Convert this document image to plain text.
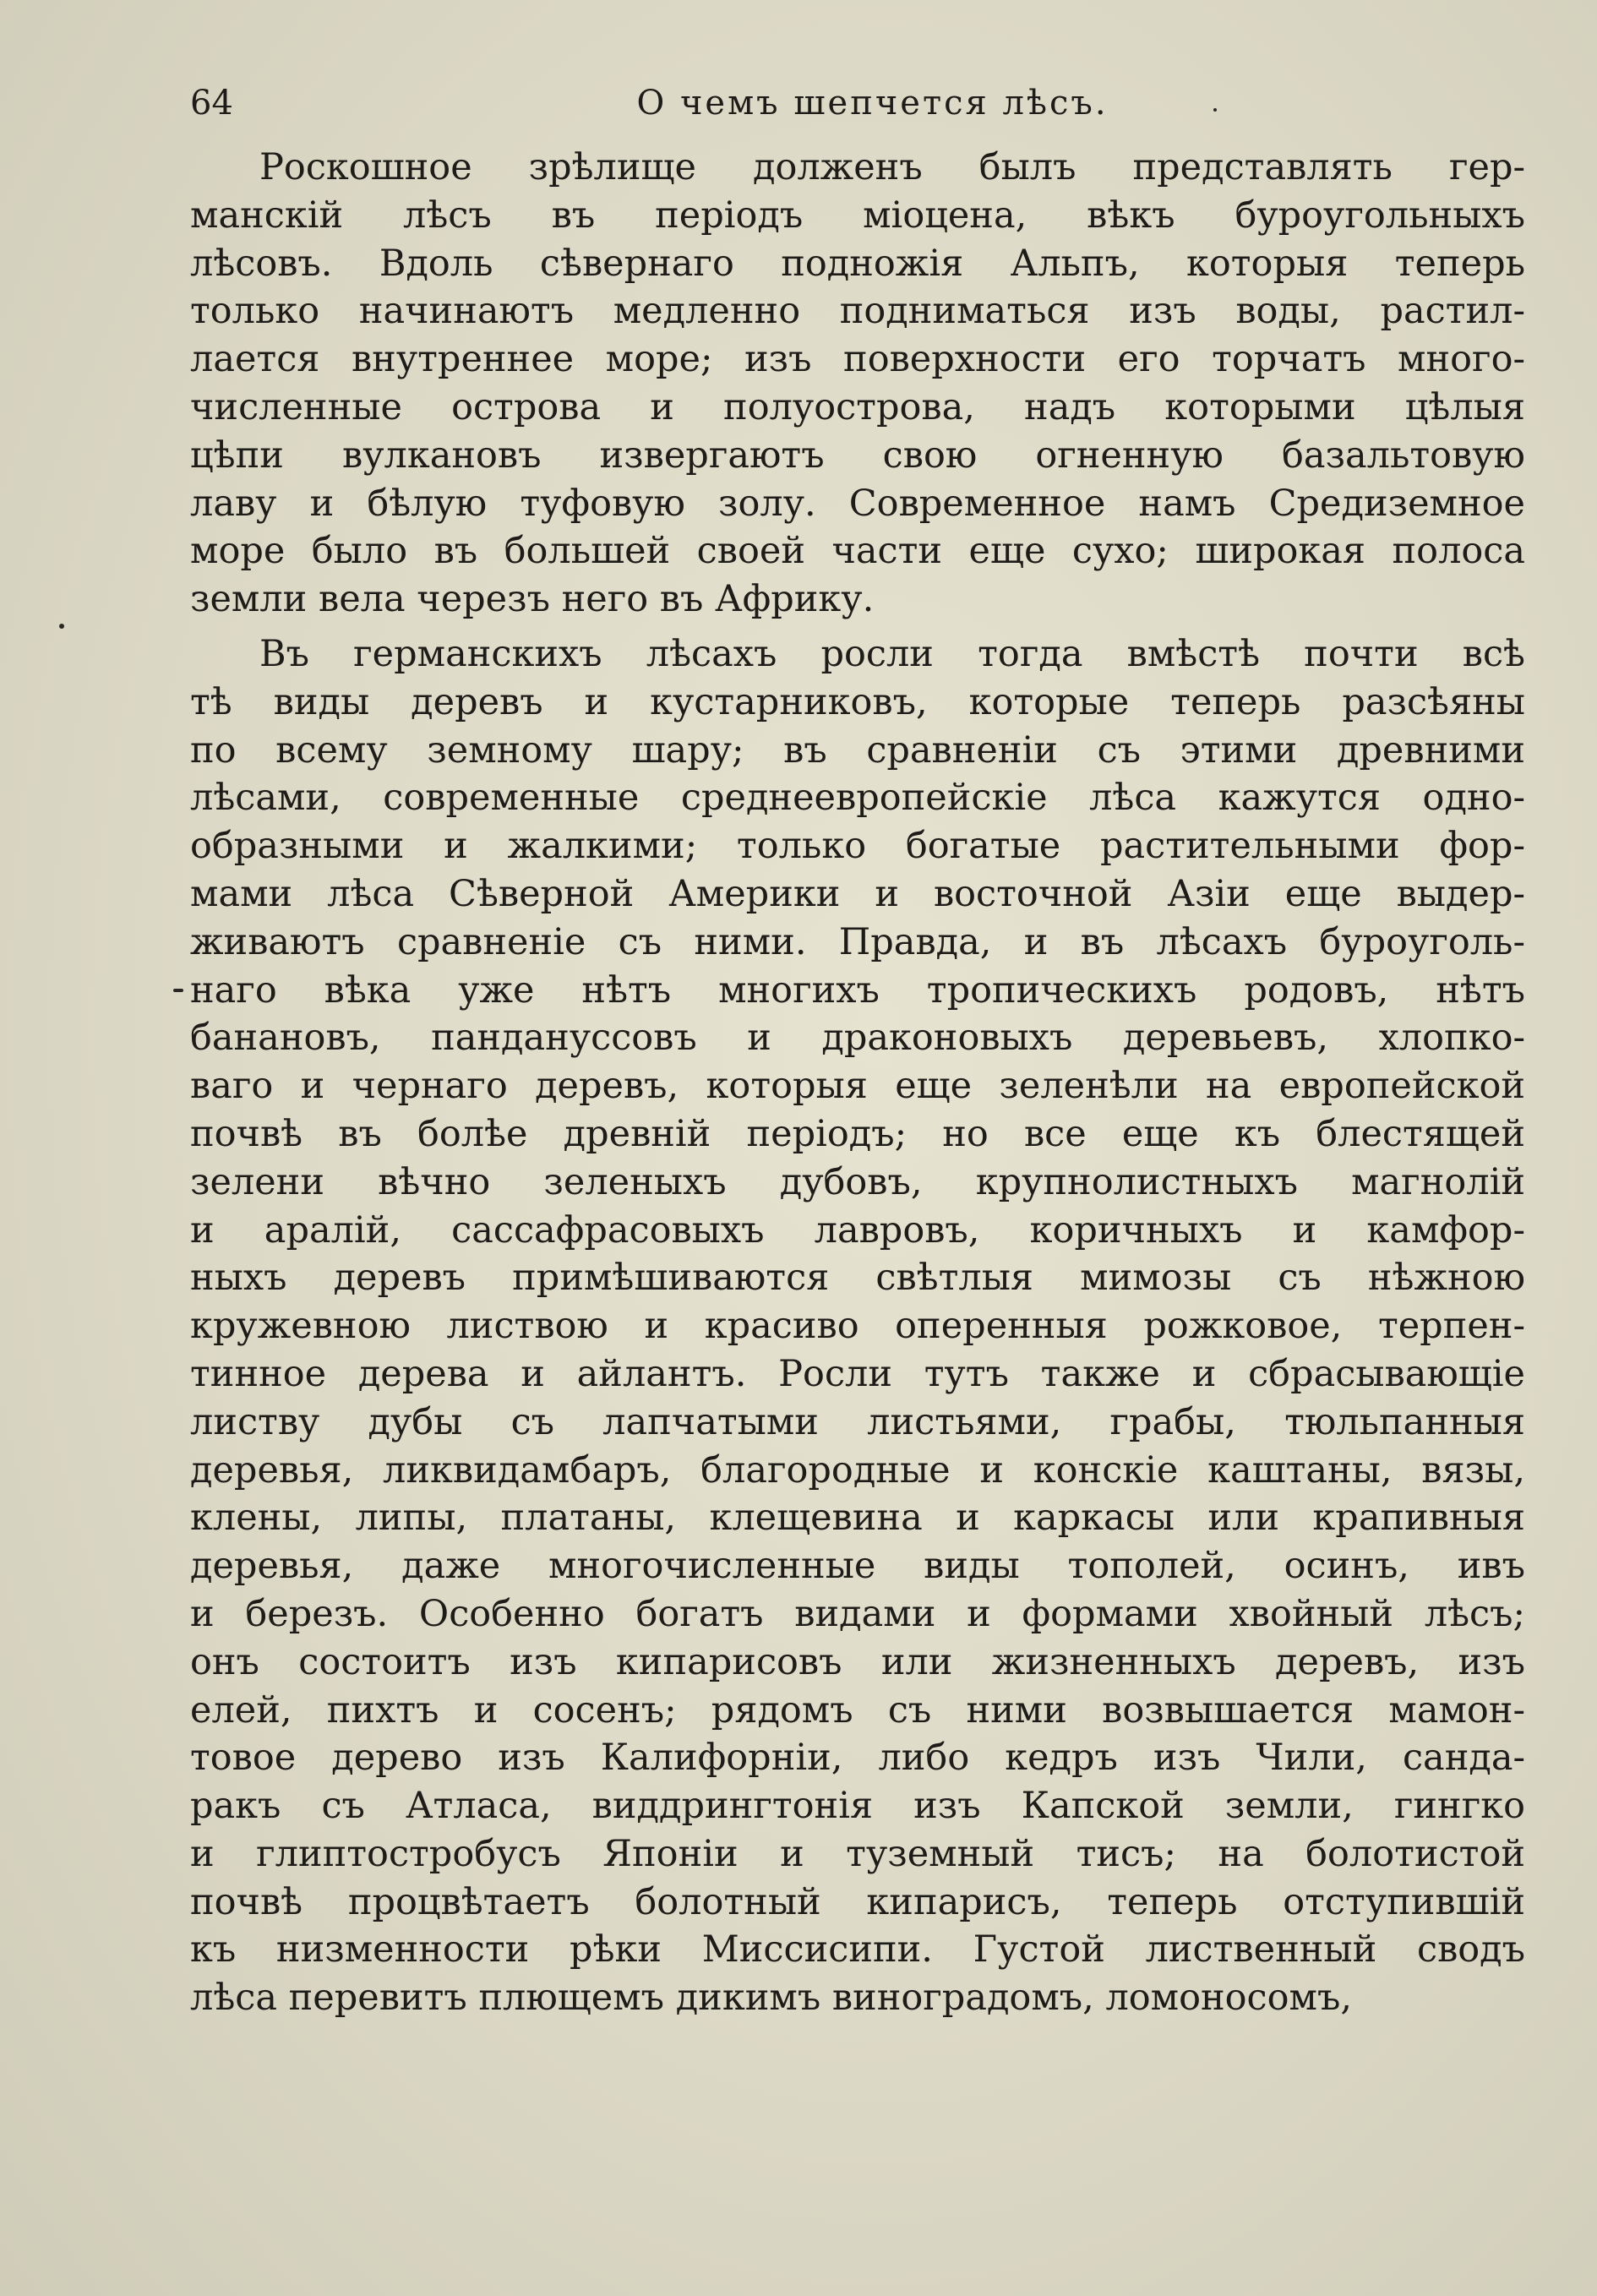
64	О чемъ шепчется лѣсъ.
Роскошное зрѣлище долженъ былъ представлять гер-
манскій лѣсъ въ періодъ міоцена, вѣкъ буроугольныхъ
лѣсовъ. Вдоль сѣвернаго подножія Альпъ, которыя теперь
только начинаютъ медленно подниматься изъ воды, растил-
лается внутреннее море; изъ поверхности его торчатъ много-
численные острова и полуострова, надъ которыми цѣлыя
цѣпи вулкановъ извергаютъ свою огненную базальтовую
лаву и бѣлую туфовую золу. Современное намъ Средиземное
море было въ большей своей части еще сухо; широкая полоса
земли вела черезъ него въ Африку.
Въ германскихъ лѣсахъ росли тогда вмѣстѣ почти всѣ
тѣ виды деревъ и кустарниковъ, которые теперь разсѣяны
по всему земному шару; въ сравненіи съ этими древними
лѣсами, современные среднеевропейскіе лѣса кажутся одно-
образными и жалкими; только богатые растительными фор-
мами лѣса Сѣверной Америки и восточной Азіи еще выдер-
живаютъ сравненіе съ ними. Правда, и въ лѣсахъ буроуголь-
наго вѣка уже нѣтъ многихъ тропическихъ родовъ, нѣтъ
банановъ, пандануссовъ и драконовыхъ деревьевъ, хлопко-
ваго и чернаго деревъ, которыя еще зеленѣли на европейской
почвѣ въ болѣе древній періодъ; но все еще къ блестящей
зелени вѣчно зеленыхъ дубовъ, крупнолистныхъ магнолій
и аралій, сассафрасовыхъ лавровъ, коричныхъ и камфор-
ныхъ деревъ примѣшиваются свѣтлыя мимозы съ нѣжною
кружевною листвою и красиво оперенныя рожковое, терпен-
тинное дерева и айлантъ. Росли тутъ также и сбрасывающіе
листву дубы съ лапчатыми листьями, грабы, тюльпанныя
деревья, ликвидамбаръ, благородные и конскіе каштаны, вязы,
клены, липы, платаны, клещевина и каркасы или крапивныя
деревья, даже многочисленные виды тополей, осинъ, ивъ
и березъ. Особенно богатъ видами и формами хвойный лѣсъ;
онъ состоитъ изъ кипарисовъ или жизненныхъ деревъ, изъ
елей, пихтъ и сосенъ; рядомъ съ ними возвышается мамон-
товое дерево изъ Калифорніи, либо кедръ изъ Чили, санда-
ракъ съ Атласа, виддрингтонія изъ Капской земли, гингко
и глиптостробусъ Японіи и туземный тисъ; на болотистой
почвѣ процвѣтаетъ болотный кипарисъ, теперь отступившій
къ низменности рѣки Миссисипи. Густой лиственный сводъ
лѣса перевитъ плющемъ дикимъ виноградомъ, ломоносомъ,
